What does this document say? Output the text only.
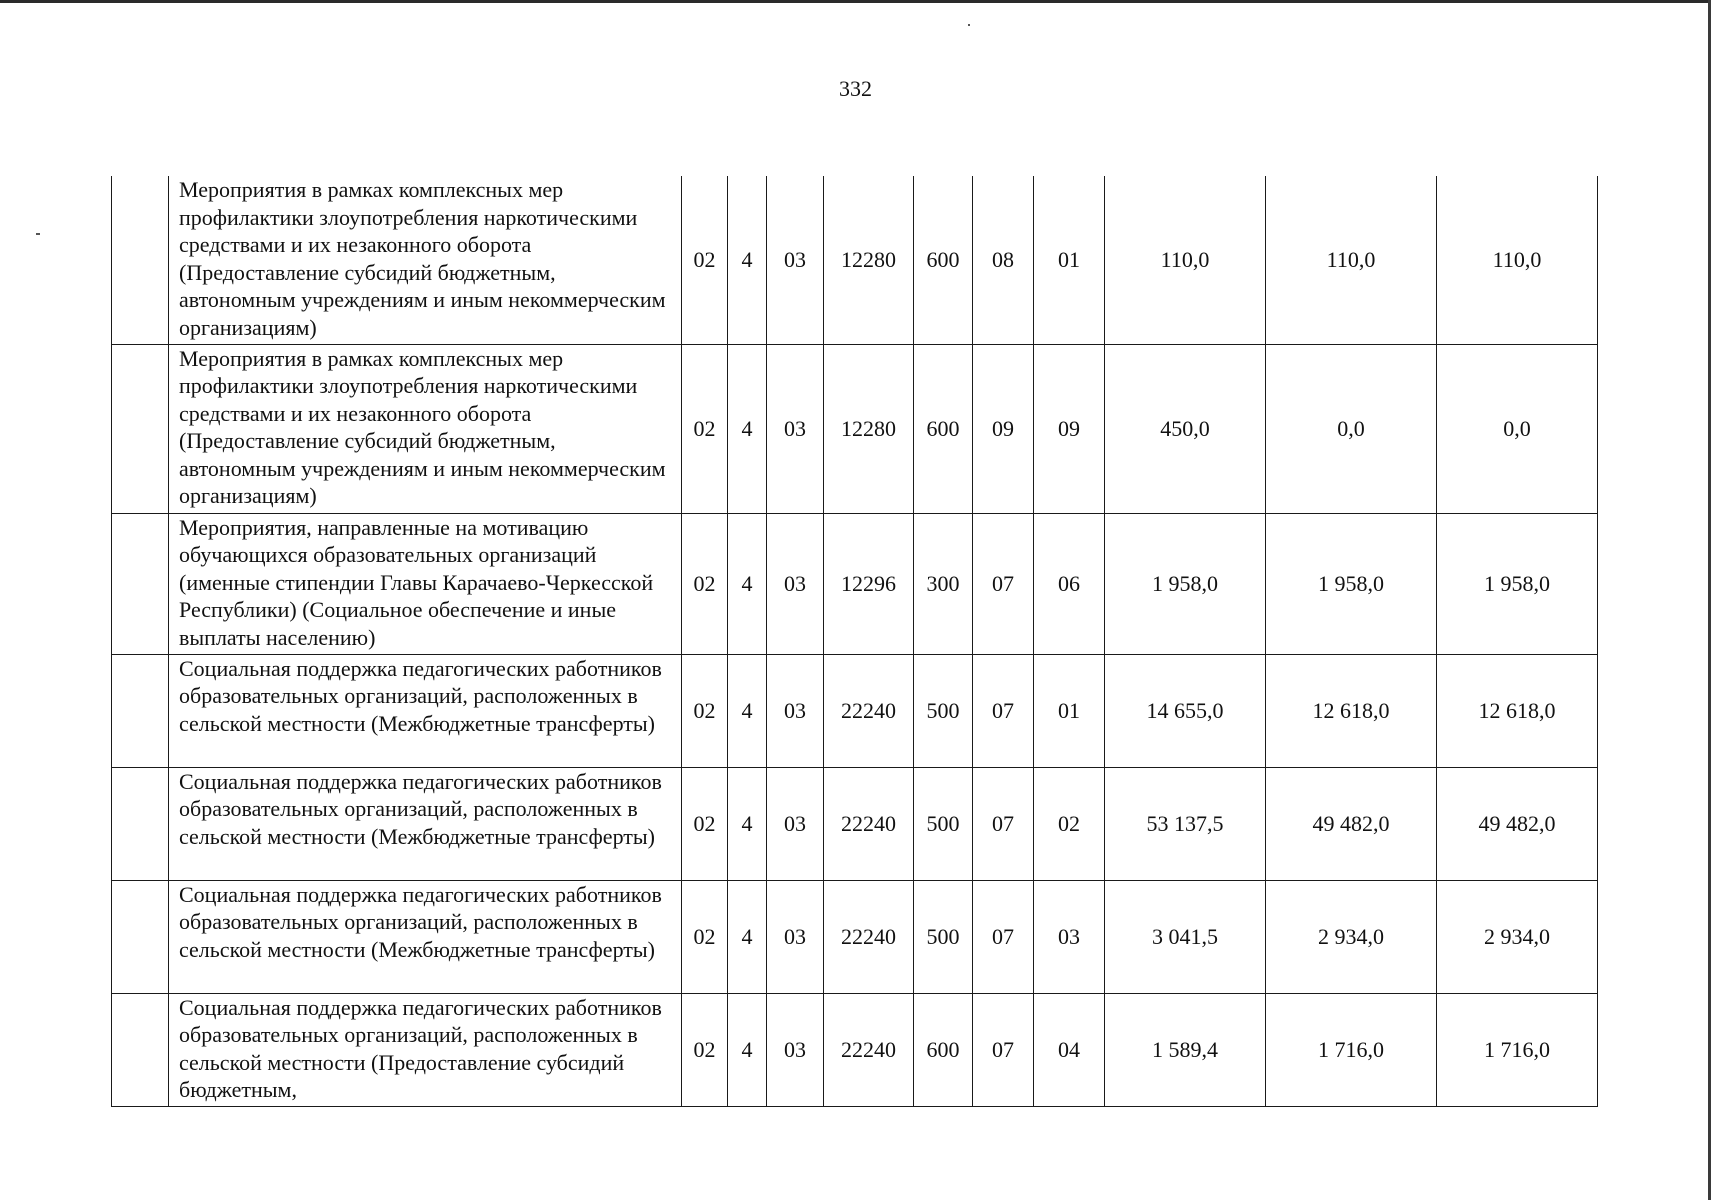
332
	Мероприятия в рамках комплексных мер профилактики злоупотребления наркотическими средствами и их незаконного оборота (Предоставление субсидий бюджетным, автономным учреждениям и иным некоммерческим организациям)	02	4	03	12280	600	08	01	110,0	110,0	110,0
	Мероприятия в рамках комплексных мер профилактики злоупотребления наркотическими средствами и их незаконного оборота (Предоставление субсидий бюджетным, автономным учреждениям и иным некоммерческим организациям)	02	4	03	12280	600	09	09	450,0	0,0	0,0
	Мероприятия, направленные на мотивацию обучающихся образовательных организаций (именные стипендии Главы Карачаево-Черкесской Республики) (Социальное обеспечение и иные выплаты населению)	02	4	03	12296	300	07	06	1 958,0	1 958,0	1 958,0
	Социальная поддержка педагогических работников образовательных организаций, расположенных в сельской местности (Межбюджетные трансферты)	02	4	03	22240	500	07	01	14 655,0	12 618,0	12 618,0
	Социальная поддержка педагогических работников образовательных организаций, расположенных в сельской местности (Межбюджетные трансферты)	02	4	03	22240	500	07	02	53 137,5	49 482,0	49 482,0
	Социальная поддержка педагогических работников образовательных организаций, расположенных в сельской местности (Межбюджетные трансферты)	02	4	03	22240	500	07	03	3 041,5	2 934,0	2 934,0
	Социальная поддержка педагогических работников образовательных организаций, расположенных в сельской местности (Предоставление субсидий бюджетным,	02	4	03	22240	600	07	04	1 589,4	1 716,0	1 716,0
